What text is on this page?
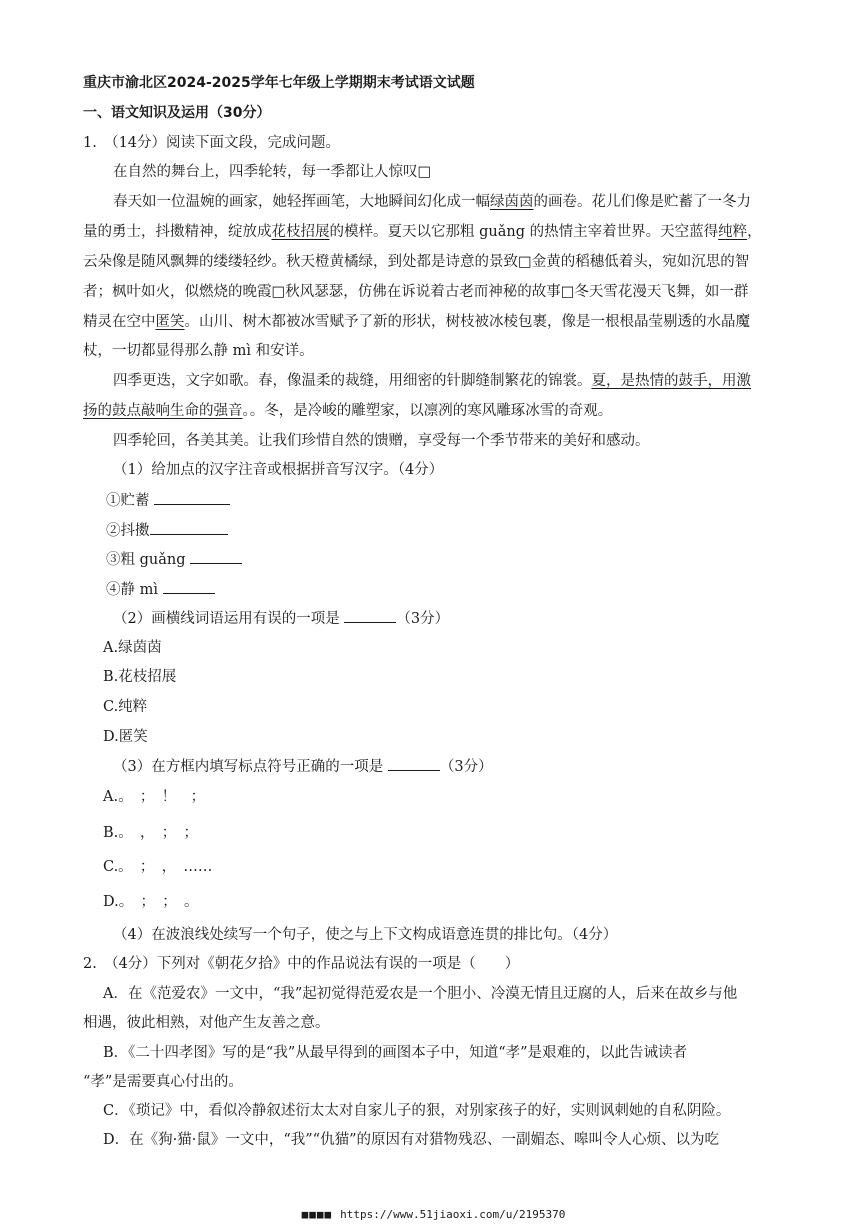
重庆市渝北区2024-2025学年七年级上学期期末考试语文试题
一、语文知识及运用（30分）
1.　（14分）阅读下面文段，完成问题。
在自然的舞台上，四季轮转，每一季都让人惊叹□
春天如一位温婉的画家，她轻挥画笔，大地瞬间幻化成一幅绿茵茵的画卷。花儿们像是贮蓄了一冬力
量的勇士，抖擞精神，绽放成花枝招展的模样。夏天以它那粗 guǎng 的热情主宰着世界。天空蓝得纯粹，
云朵像是随风飘舞的缕缕轻纱。秋天橙黄橘绿，到处都是诗意的景致□金黄的稻穗低着头，宛如沉思的智
者；枫叶如火，似燃烧的晚霞□秋风瑟瑟，仿佛在诉说着古老而神秘的故事□冬天雪花漫天飞舞，如一群
精灵在空中匿笑。山川、树木都被冰雪赋予了新的形状，树枝被冰棱包裹，像是一根根晶莹剔透的水晶魔
杖，一切都显得那么静 mì 和安详。
四季更迭，文字如歌。春，像温柔的裁缝，用细密的针脚缝制繁花的锦裳。夏，是热情的鼓手，用激
扬的鼓点敲响生命的强音。。冬，是冷峻的雕塑家，以凛冽的寒风雕琢冰雪的奇观。
四季轮回，各美其美。让我们珍惜自然的馈赠，享受每一个季节带来的美好和感动。
（1）给加点的汉字注音或根据拼音写汉字。（4分）
①贮蓄
②抖擞
③粗 guǎng
④静 mì
（2）画横线词语运用有误的一项是	（3分）
A.绿茵茵
B.花枝招展
C.纯粹
D.匿笑
（3）在方框内填写标点符号正确的一项是	（3分）
A.。　；　！　；
B.。　，　；　；
C.。　；　，　……
D.。　；　；　。
（4）在波浪线处续写一个句子，使之与上下文构成语意连贯的排比句。（4分）
2.　（4分）下列对《朝花夕拾》中的作品说法有误的一项是（　　）
A．在《范爱农》一文中，“我”起初觉得范爱农是一个胆小、冷漠无情且迂腐的人，后来在故乡与他
相遇，彼此相熟，对他产生友善之意。
B．《二十四孝图》写的是“我”从最早得到的画图本子中，知道“孝”是艰难的，以此告诫读者
“孝”是需要真心付出的。
C．《琐记》中，看似冷静叙述衍太太对自家儿子的狠，对别家孩子的好，实则讽刺她的自私阴险。
D．在《狗·猫·鼠》一文中，“我”“仇猫”的原因有对猎物残忍、一副媚态、嗥叫令人心烦、以为吃
■■■■ https://www.51jiaoxi.com/u/2195370
